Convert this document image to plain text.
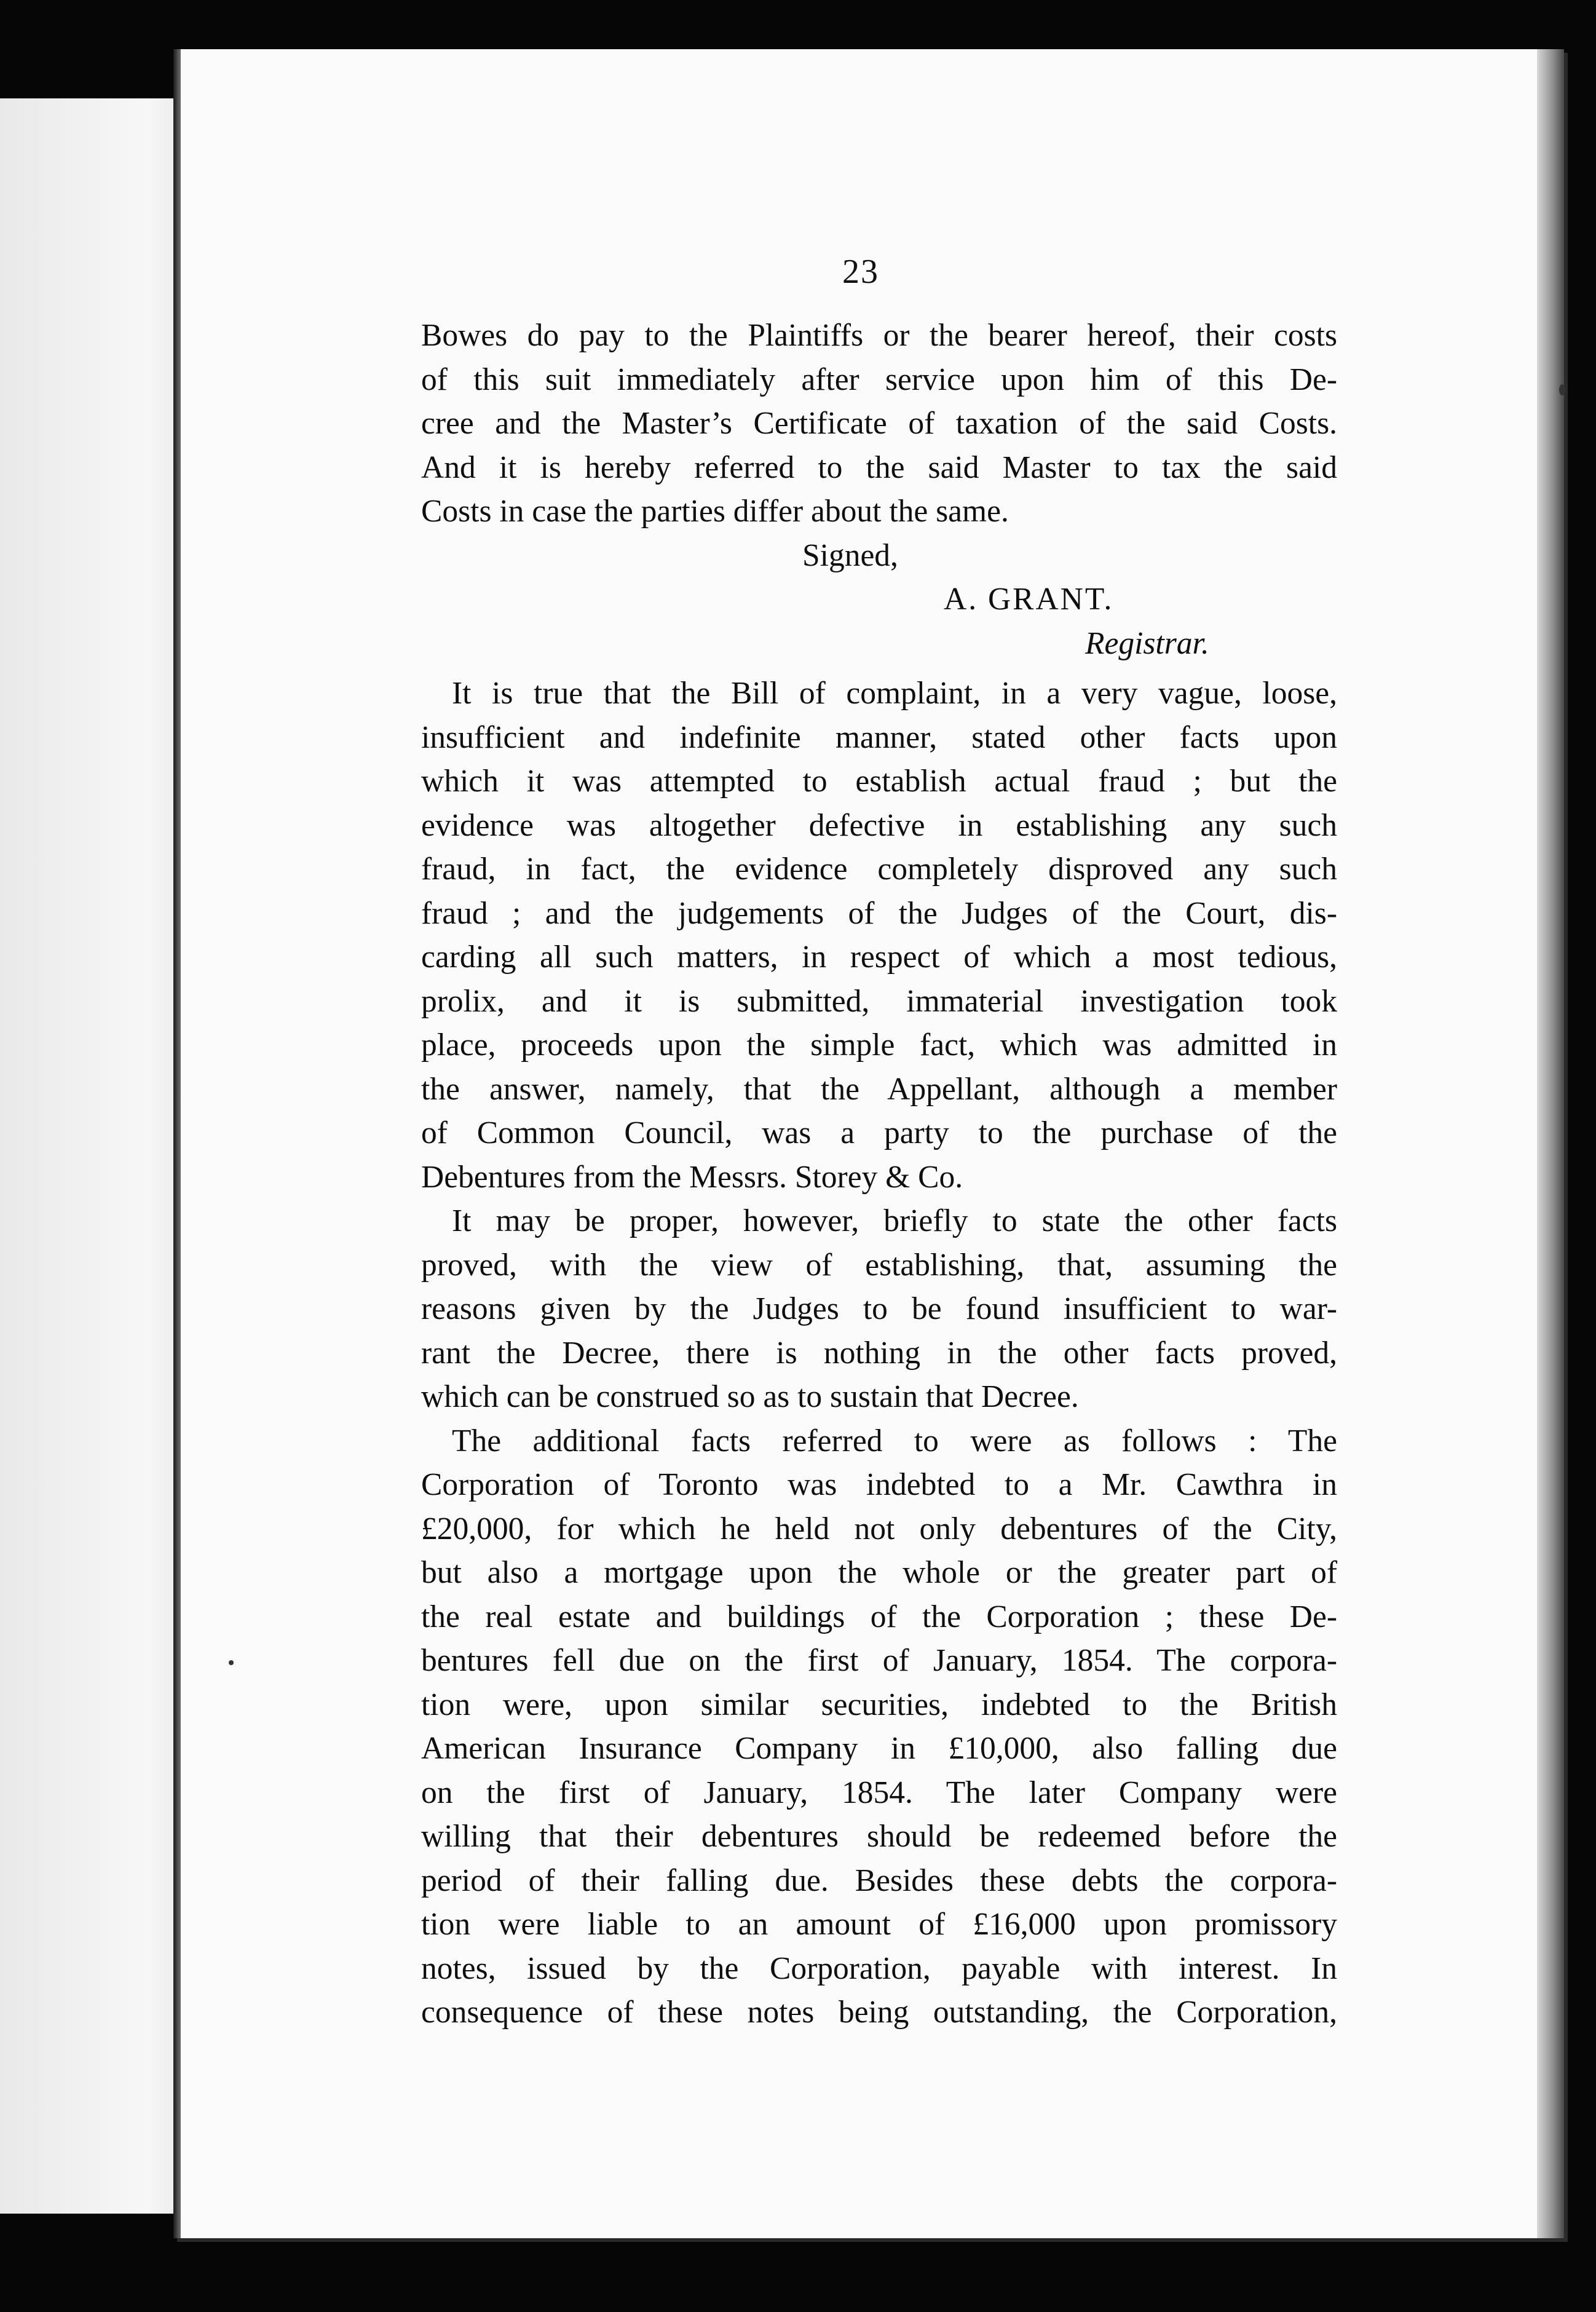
23
Bowes do pay to the Plaintiffs or the bearer hereof, their costs
of this suit immediately after service upon him of this De-
cree and the Master’s Certificate of taxation of the said Costs.
And it is hereby referred to the said Master to tax the said
Costs in case the parties differ about the same.
Signed,
A. GRANT.
Registrar.
It is true that the Bill of complaint, in a very vague, loose,
insufficient and indefinite manner, stated other facts upon
which it was attempted to establish actual fraud ; but the
evidence was altogether defective in establishing any such
fraud, in fact, the evidence completely disproved any such
fraud ; and the judgements of the Judges of the Court, dis-
carding all such matters, in respect of which a most tedious,
prolix, and it is submitted, immaterial investigation took
place, proceeds upon the simple fact, which was admitted in
the answer, namely, that the Appellant, although a member
of Common Council, was a party to the purchase of the
Debentures from the Messrs. Storey & Co.
It may be proper, however, briefly to state the other facts
proved, with the view of establishing, that, assuming the
reasons given by the Judges to be found insufficient to war-
rant the Decree, there is nothing in the other facts proved,
which can be construed so as to sustain that Decree.
The additional facts referred to were as follows : The
Corporation of Toronto was indebted to a Mr. Cawthra in
£20,000, for which he held not only debentures of the City,
but also a mortgage upon the whole or the greater part of
the real estate and buildings of the Corporation ; these De-
bentures fell due on the first of January, 1854. The corpora-
tion were, upon similar securities, indebted to the British
American Insurance Company in £10,000, also falling due
on the first of January, 1854. The later Company were
willing that their debentures should be redeemed before the
period of their falling due. Besides these debts the corpora-
tion were liable to an amount of £16,000 upon promissory
notes, issued by the Corporation, payable with interest. In
consequence of these notes being outstanding, the Corporation,
